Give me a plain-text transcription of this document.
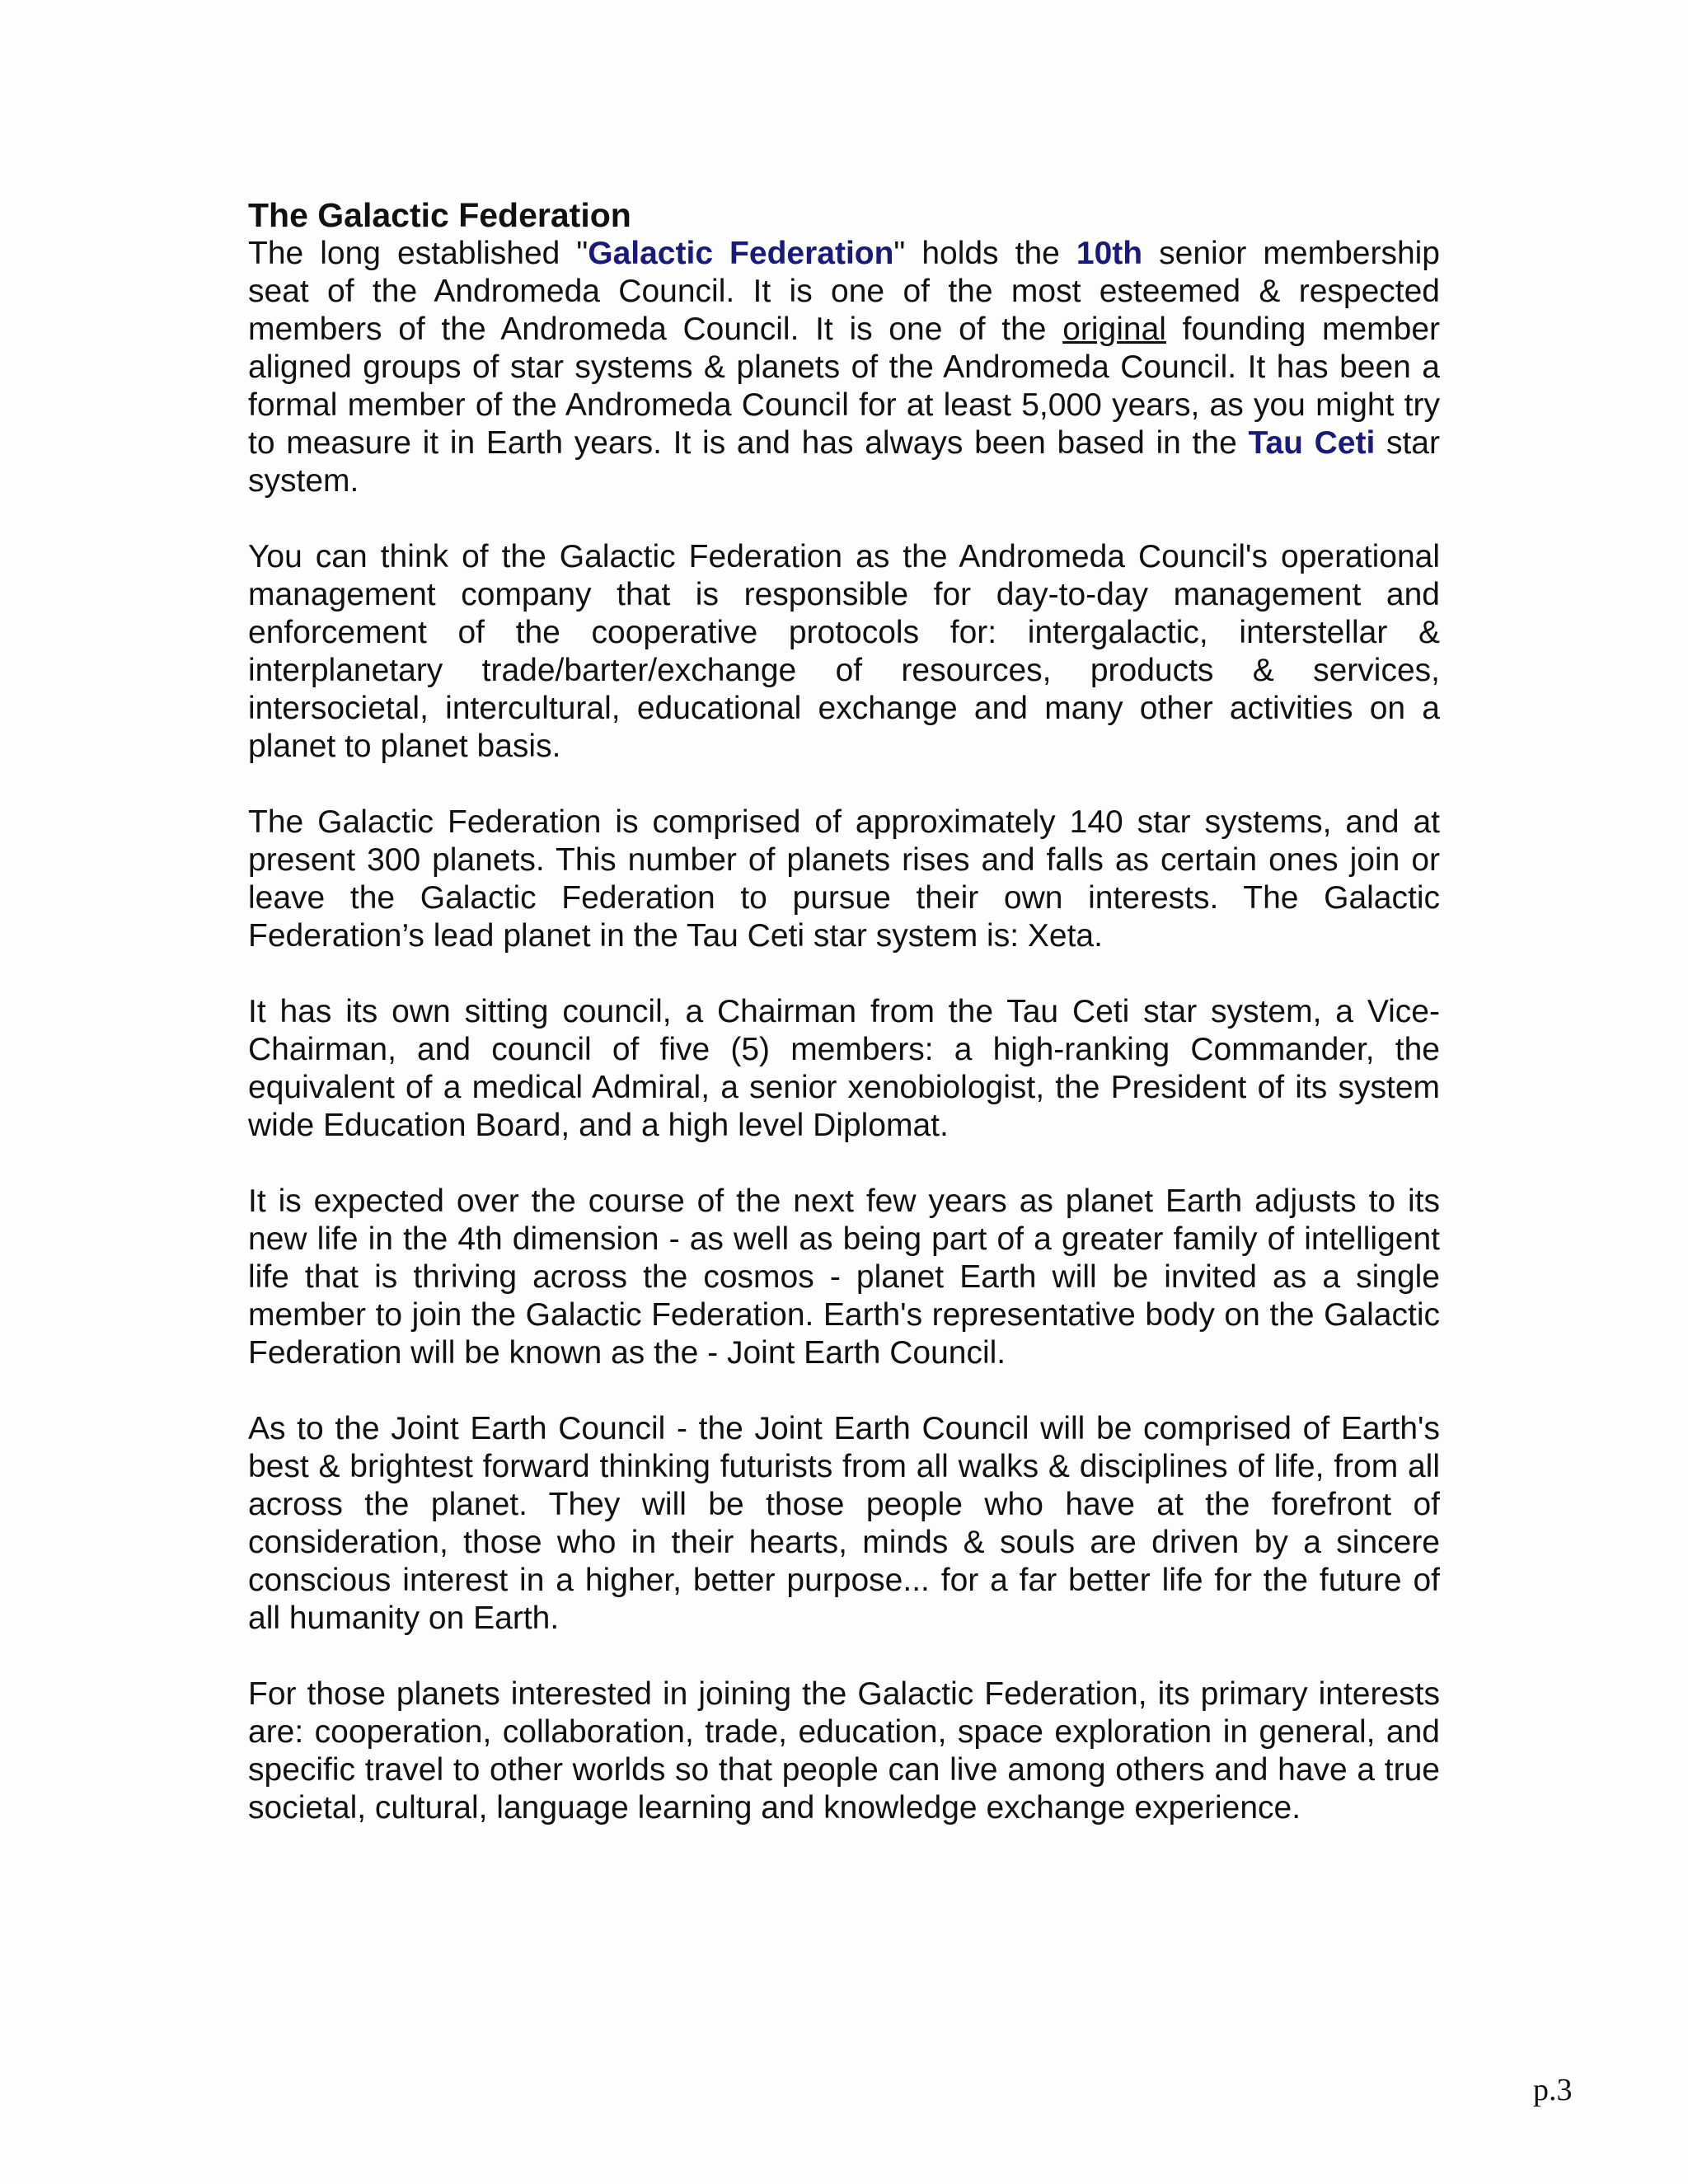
The Galactic Federation

The long established "Galactic Federation" holds the 10th senior membership seat of the Andromeda Council. It is one of the most esteemed & respected members of the Andromeda Council. It is one of the original founding member aligned groups of star systems & planets of the Andromeda Council. It has been a formal member of the Andromeda Council for at least 5,000 years, as you might try to measure it in Earth years. It is and has always been based in the Tau Ceti star system.

You can think of the Galactic Federation as the Andromeda Council's operational management company that is responsible for day-to-day management and enforcement of the cooperative protocols for: intergalactic, interstellar & interplanetary trade/barter/exchange of resources, products & services, intersocietal, intercultural, educational exchange and many other activities on a planet to planet basis.

The Galactic Federation is comprised of approximately 140 star systems, and at present 300 planets. This number of planets rises and falls as certain ones join or leave the Galactic Federation to pursue their own interests. The Galactic Federation’s lead planet in the Tau Ceti star system is: Xeta.

It has its own sitting council, a Chairman from the Tau Ceti star system, a Vice-Chairman, and council of five (5) members: a high-ranking Commander, the equivalent of a medical Admiral, a senior xenobiologist, the President of its system wide Education Board, and a high level Diplomat.

It is expected over the course of the next few years as planet Earth adjusts to its new life in the 4th dimension - as well as being part of a greater family of intelligent life that is thriving across the cosmos - planet Earth will be invited as a single member to join the Galactic Federation. Earth's representative body on the Galactic Federation will be known as the - Joint Earth Council.

As to the Joint Earth Council - the Joint Earth Council will be comprised of Earth's best & brightest forward thinking futurists from all walks & disciplines of life, from all across the planet. They will be those people who have at the forefront of consideration, those who in their hearts, minds & souls are driven by a sincere conscious interest in a higher, better purpose... for a far better life for the future of all humanity on Earth.

For those planets interested in joining the Galactic Federation, its primary interests are: cooperation, collaboration, trade, education, space exploration in general, and specific travel to other worlds so that people can live among others and have a true societal, cultural, language learning and knowledge exchange experience.

p.3
